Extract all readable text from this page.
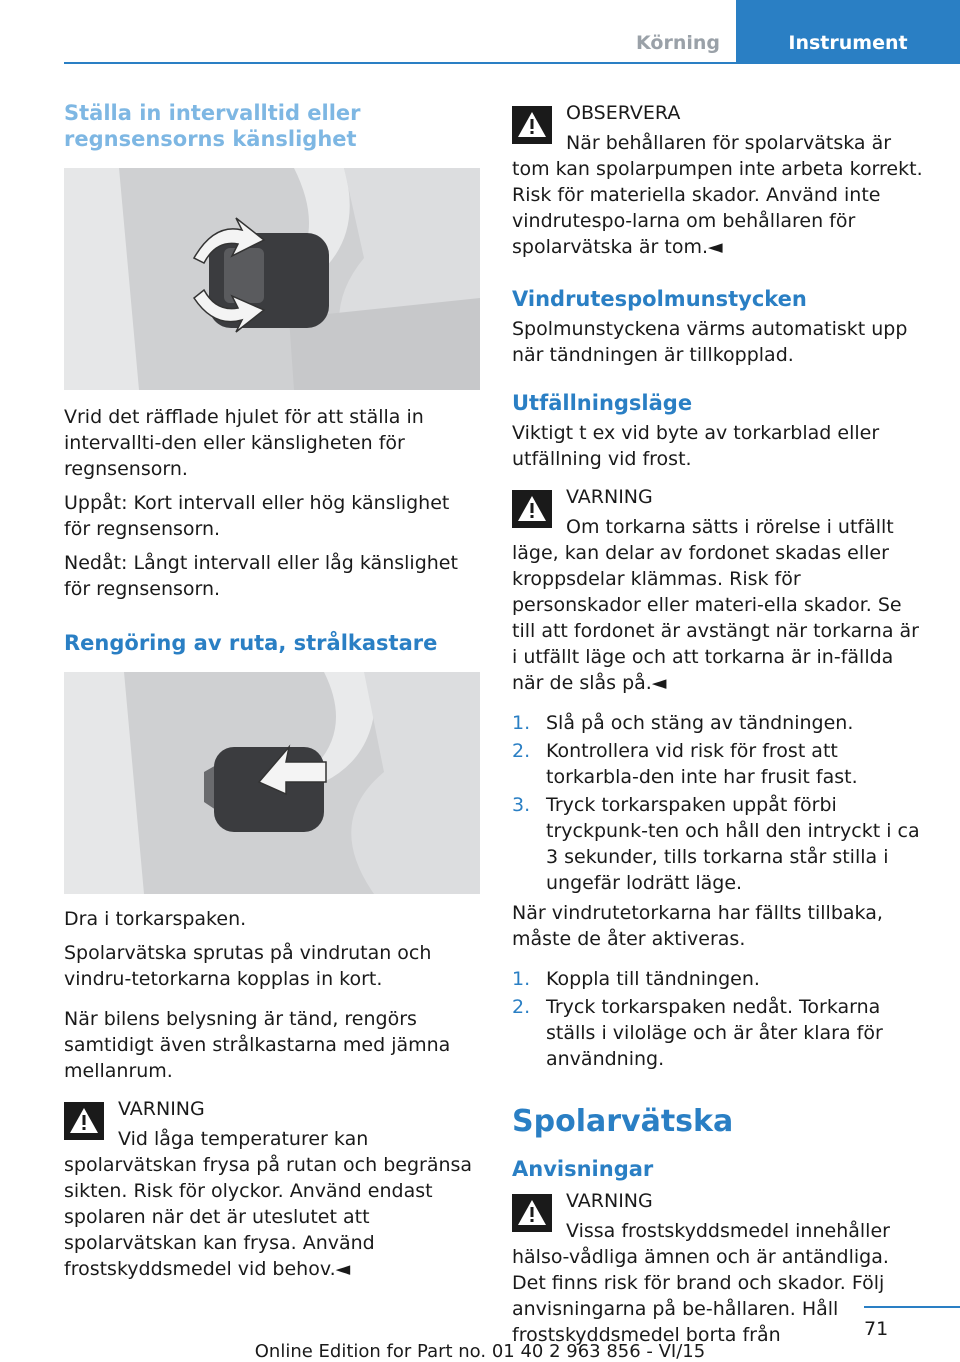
Körning	Instrument
Ställa in intervalltid eller regnsensorns känslighet

Vrid det räfflade hjulet för att ställa in intervallti‐den eller känsligheten för regnsensorn.

Uppåt: Kort intervall eller hög känslighet för regnsensorn.

Nedåt: Långt intervall eller låg känslighet för regnsensorn.

Rengöring av ruta, strålkastare

Dra i torkarspaken.

Spolarvätska sprutas på vindrutan och vindru‐tetorkarna kopplas in kort.

När bilens belysning är tänd, rengörs samtidigt även strålkastarna med jämna mellanrum.

VARNING

Vid låga temperaturer kan spolarvätskan frysa på rutan och begränsa sikten. Risk för olyckor. Använd endast spolaren när det är uteslutet att spolarvätskan kan frysa. Använd frostskyddsmedel vid behov.◄

OBSERVERA

När behållaren för spolarvätska är tom kan spolarpumpen inte arbeta korrekt. Risk för materiella skador. Använd inte vindrutespo‐larna om behållaren för spolarvätska är tom.◄

Vindrutespolmunstycken

Spolmunstyckena värms automatiskt upp när tändningen är tillkopplad.

Utfällningsläge

Viktigt t ex vid byte av torkarblad eller utfällning vid frost.

VARNING

Om torkarna sätts i rörelse i utfällt läge, kan delar av fordonet skadas eller kroppsdelar klämmas. Risk för personskador eller materi‐ella skador. Se till att fordonet är avstängt när torkarna är i utfällt läge och att torkarna är in‐fällda när de slås på.◄

1. Slå på och stäng av tändningen.
2. Kontrollera vid risk för frost att torkarbla‐den inte har frusit fast.
3. Tryck torkarspaken uppåt förbi tryckpunk‐ten och håll den intryckt i ca 3 sekunder, tills torkarna står stilla i ungefär lodrätt läge.

När vindrutetorkarna har fällts tillbaka, måste de åter aktiveras.

1. Koppla till tändningen.
2. Tryck torkarspaken nedåt. Torkarna ställs i viloläge och är åter klara för användning.
Spolarvätska
Anvisningar

VARNING

Vissa frostskyddsmedel innehåller hälso‐vådliga ämnen och är antändliga. Det finns risk för brand och skador. Följ anvisningarna på be‐hållaren. Håll frostskyddsmedel borta från	71
Online Edition for Part no. 01 40 2 963 856 - VI/15
